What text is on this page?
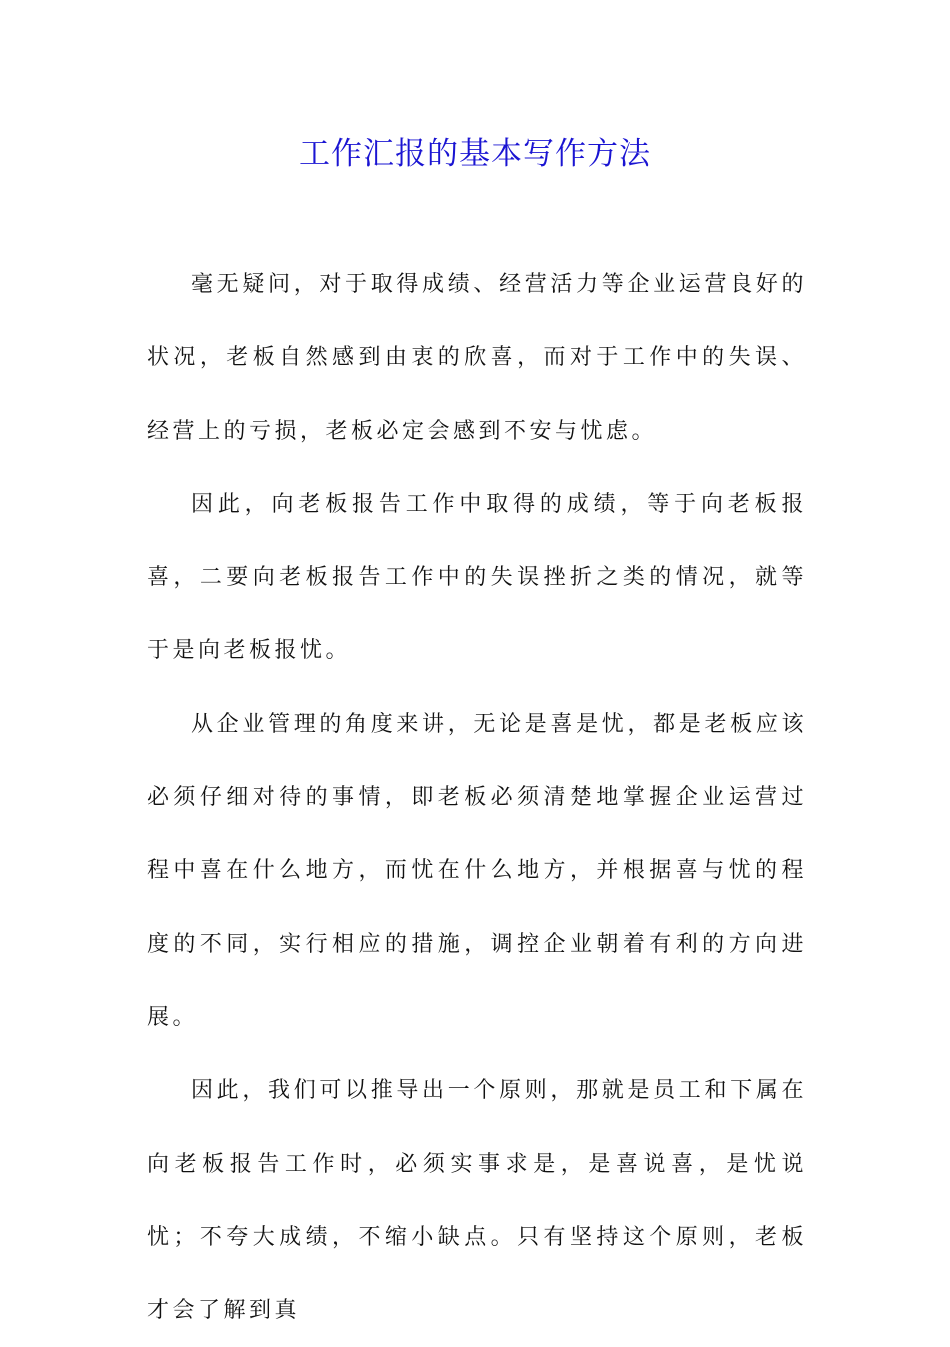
工作汇报的基本写作方法

毫无疑问，对于取得成绩、经营活力等企业运营良好的状况，老板自然感到由衷的欣喜，而对于工作中的失误、经营上的亏损，老板必定会感到不安与忧虑。

因此，向老板报告工作中取得的成绩，等于向老板报喜，二要向老板报告工作中的失误挫折之类的情况，就等于是向老板报忧。

从企业管理的角度来讲，无论是喜是忧，都是老板应该必须仔细对待的事情，即老板必须清楚地掌握企业运营过程中喜在什么地方，而忧在什么地方，并根据喜与忧的程度的不同，实行相应的措施，调控企业朝着有利的方向进展。

因此，我们可以推导出一个原则，那就是员工和下属在向老板报告工作时，必须实事求是，是喜说喜，是忧说忧；不夸大成绩，不缩小缺点。只有坚持这个原则，老板才会了解到真
